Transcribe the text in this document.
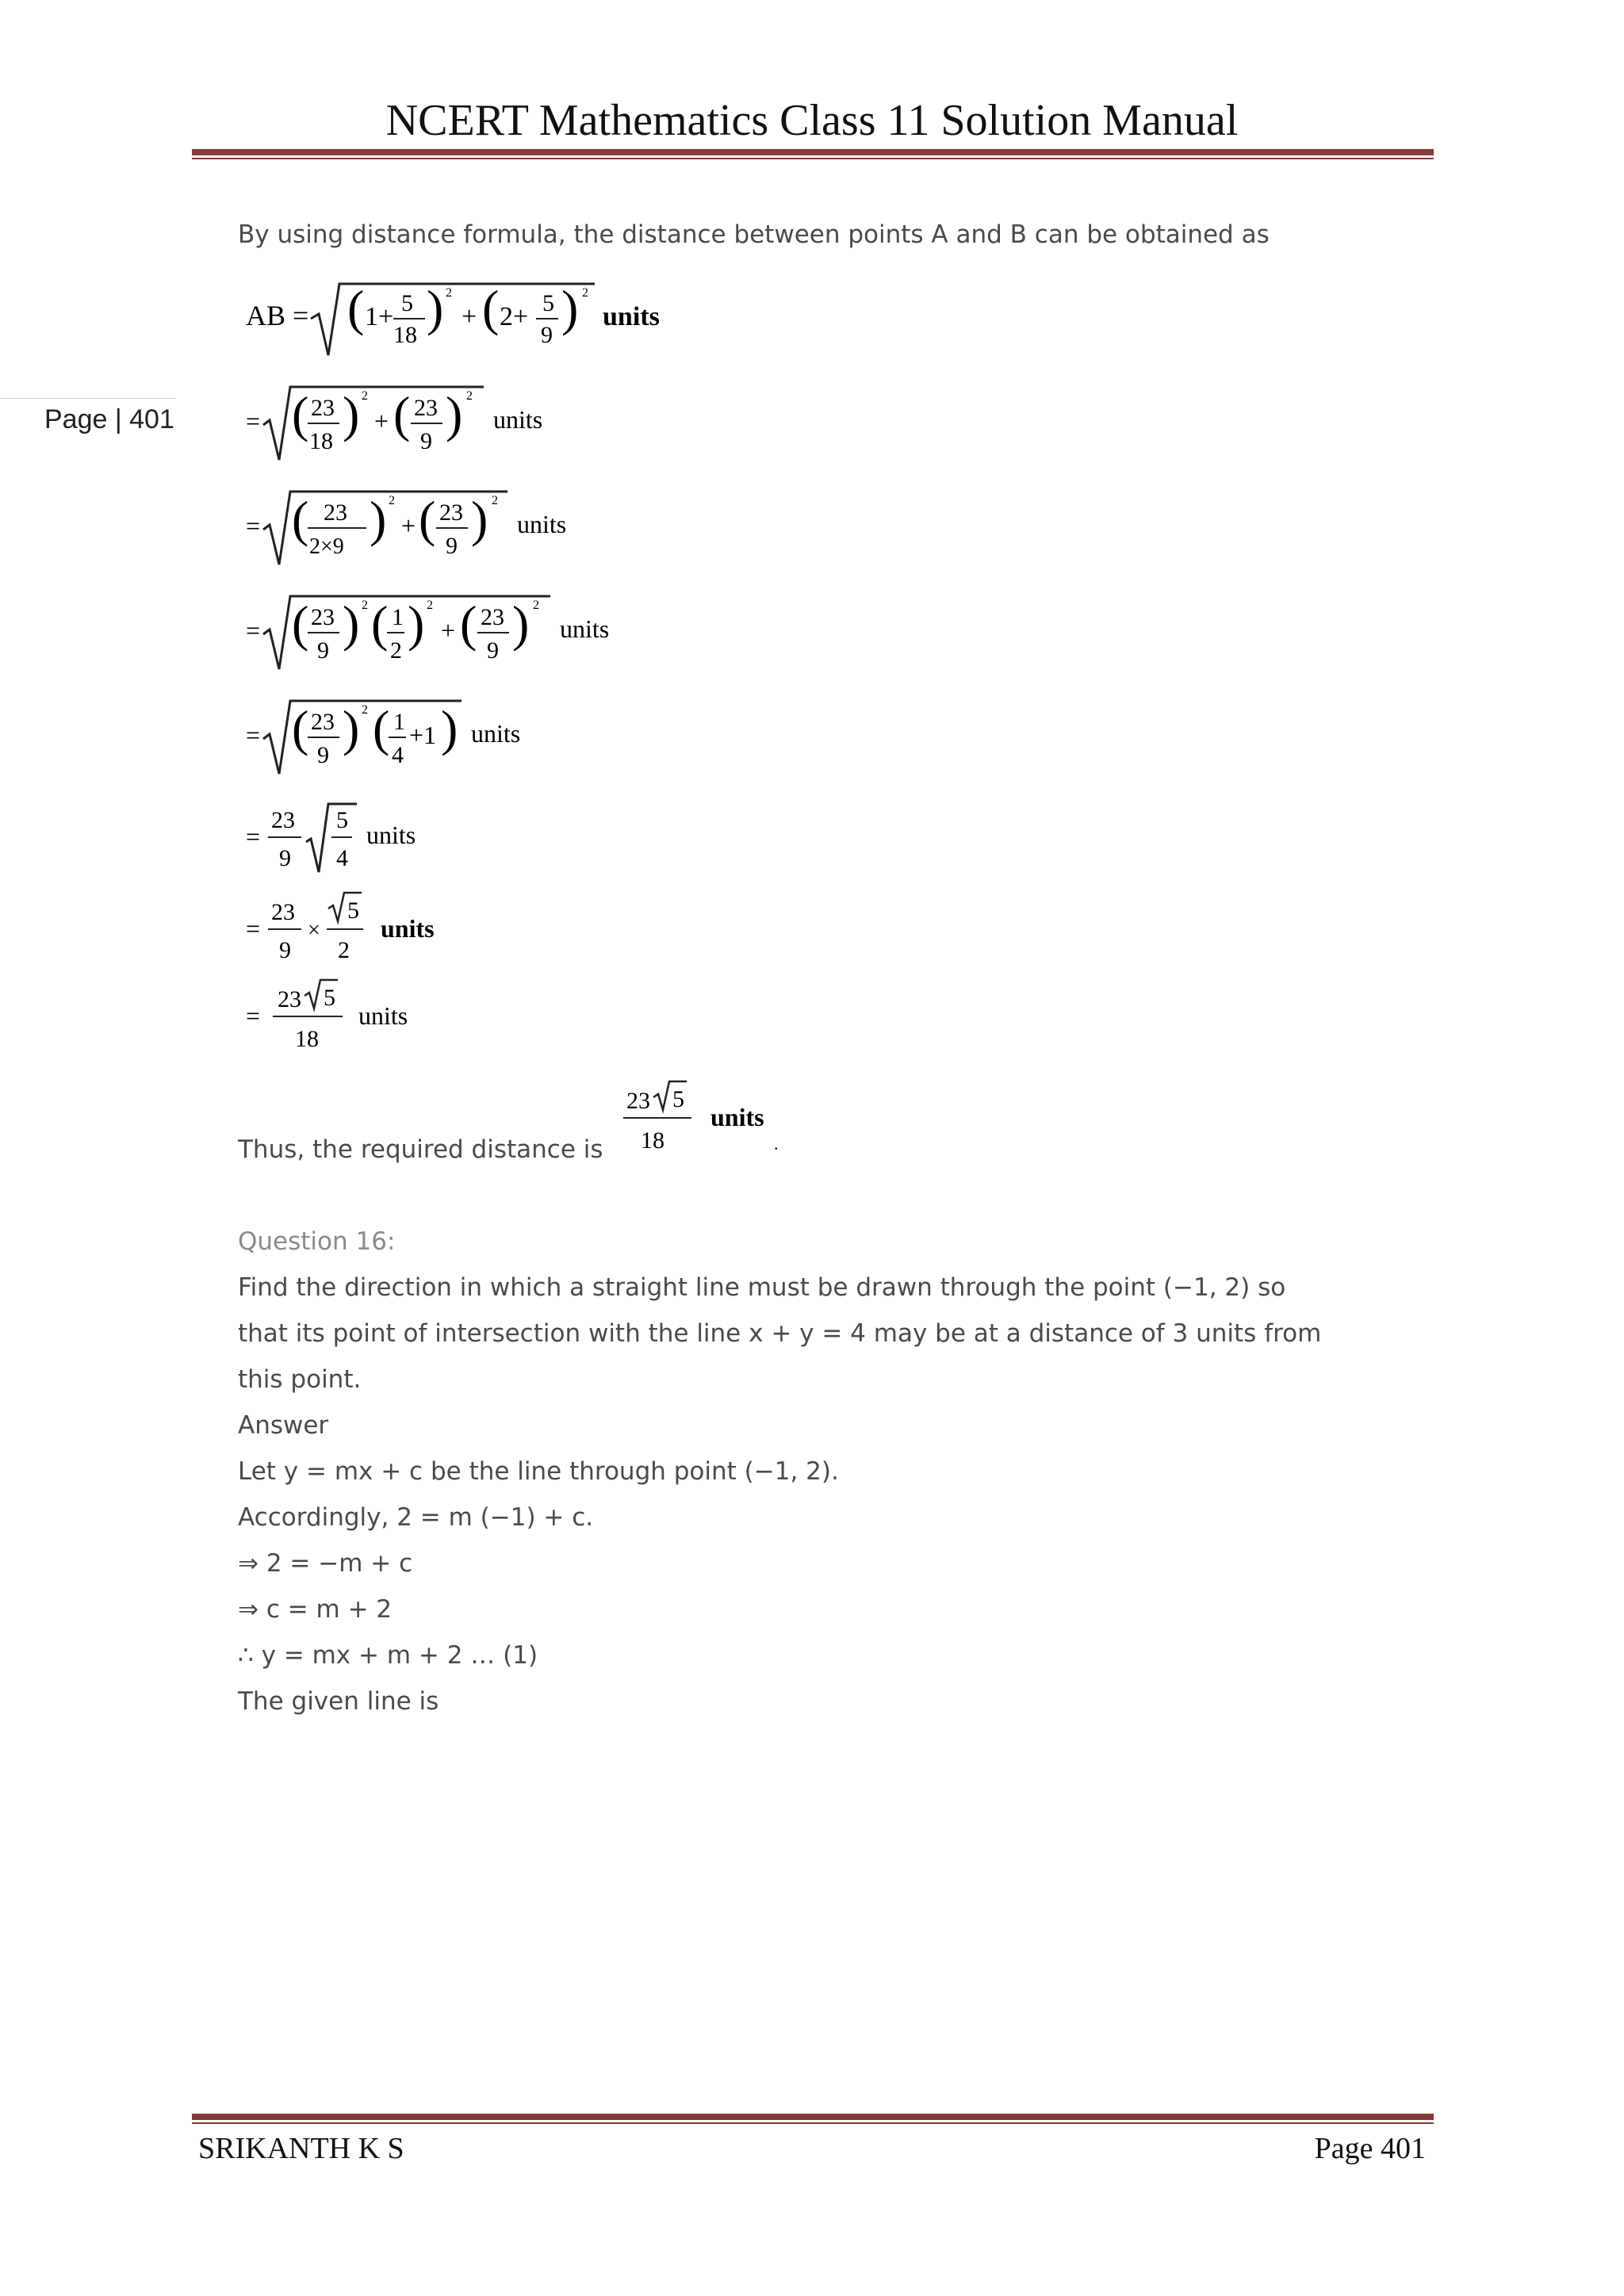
NCERT Mathematics Class 11 Solution Manual
Page | 401
By using distance formula, the distance between points A and B can be obtained as
AB = ( 1+ 5
18 ) 2
+ ( 2+ 5
9 ) 2
units
= ( 23
18 ) 2
+ ( 23
9 ) 2
units
= ( 23
2×9 ) 2
+ ( 23
9 ) 2
units
= ( 23
9 ) 2 ( 1
2 ) 2
+ ( 23
9 ) 2
units
= ( 23
9 ) 2 ( 1
4
+1 ) units
=
23
9
5
4
units
=
23
9
×
5
2
units
=
23 5
18
units
Thus, the required distance is
23 5
18
units
.
Question 16:
Find the direction in which a straight line must be drawn through the point (−1, 2) so
that its point of intersection with the line x + y = 4 may be at a distance of 3 units from
this point.
Answer
Let y = mx + c be the line through point (−1, 2).
Accordingly, 2 = m (−1) + c.
⇒ 2 = −m + c
⇒ c = m + 2
∴ y = mx + m + 2 … (1)
The given line is
SRIKANTH K S	Page 401
